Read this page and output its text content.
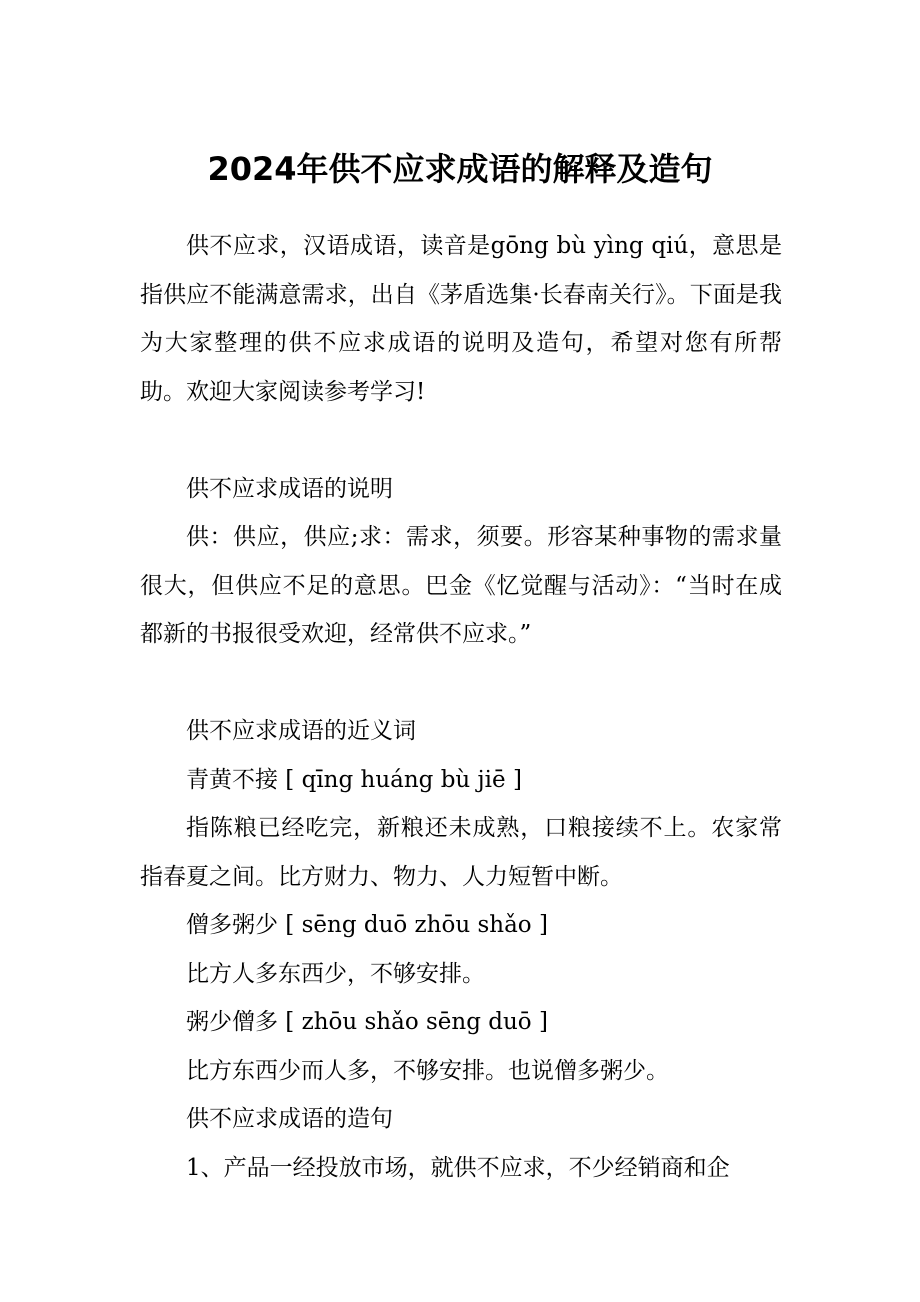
2024年供不应求成语的解释及造句

供不应求，汉语成语，读音是gōng bù yìng qiú，意思是指供应不能满意需求，出自《茅盾选集·长春南关行》。下面是我为大家整理的供不应求成语的说明及造句，希望对您有所帮助。欢迎大家阅读参考学习!

供不应求成语的说明

供：供应，供应;求：需求，须要。形容某种事物的需求量很大，但供应不足的意思。巴金《忆觉醒与活动》：“当时在成都新的书报很受欢迎，经常供不应求。”

供不应求成语的近义词

青黄不接 [ qīng huáng bù jiē ]

指陈粮已经吃完，新粮还未成熟，口粮接续不上。农家常指春夏之间。比方财力、物力、人力短暂中断。

僧多粥少 [ sēng duō zhōu shǎo ]

比方人多东西少，不够安排。

粥少僧多 [ zhōu shǎo sēng duō ]

比方东西少而人多，不够安排。也说僧多粥少。

供不应求成语的造句

1、产品一经投放市场，就供不应求，不少经销商和企
